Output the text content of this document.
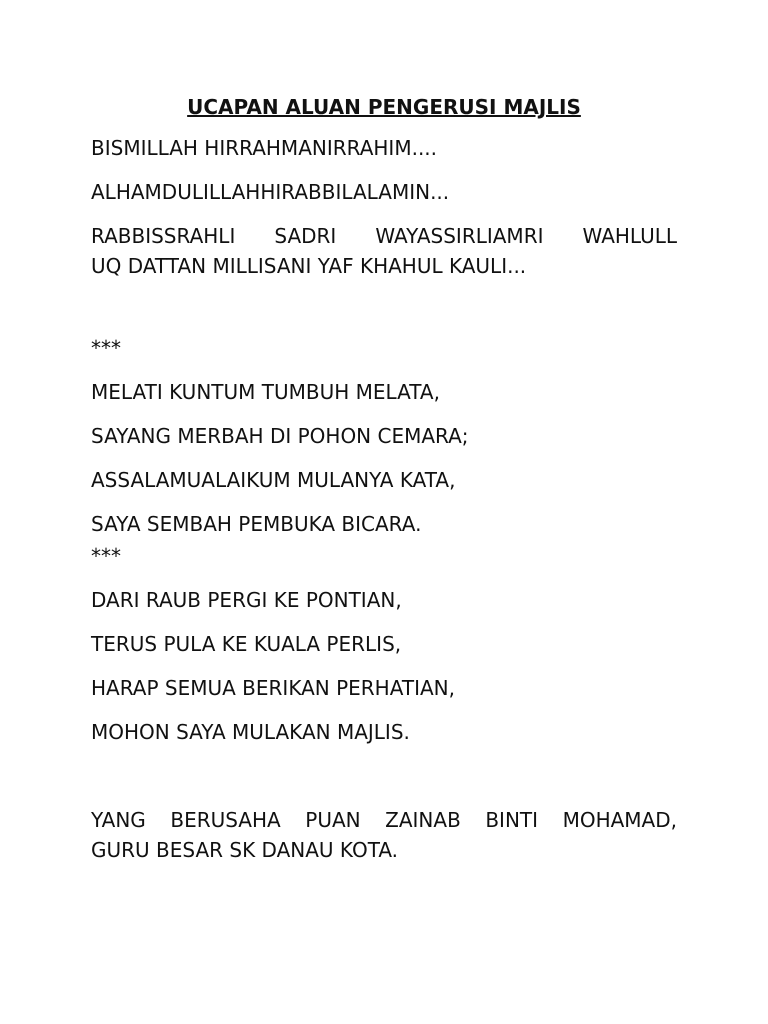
UCAPAN ALUAN PENGERUSI MAJLIS
BISMILLAH HIRRAHMANIRRAHIM....
ALHAMDULILLAHHIRABBILALAMIN...
RABBISSRAHLI SADRI WAYASSIRLIAMRI WAHLULL
UQ DATTAN MILLISANI YAF KHAHUL KAULI...
***
MELATI KUNTUM TUMBUH MELATA,
SAYANG MERBAH DI POHON CEMARA;
ASSALAMUALAIKUM MULANYA KATA,
SAYA SEMBAH PEMBUKA BICARA.
***
DARI RAUB PERGI KE PONTIAN,
TERUS PULA KE KUALA PERLIS,
HARAP SEMUA BERIKAN PERHATIAN,
MOHON SAYA MULAKAN MAJLIS.
YANG BERUSAHA PUAN ZAINAB BINTI MOHAMAD,
GURU BESAR SK DANAU KOTA.
